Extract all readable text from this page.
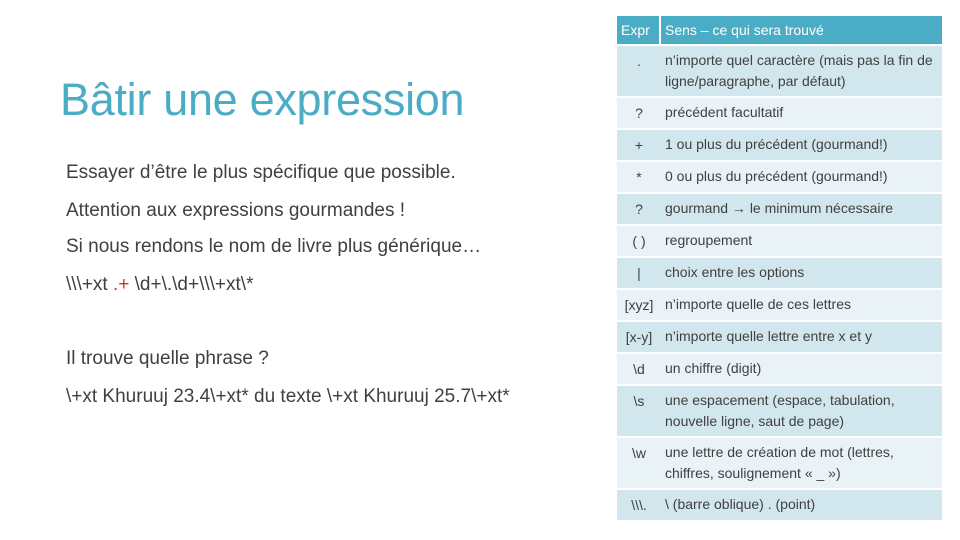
Bâtir une expression
Essayer d’être le plus spécifique que possible.
Attention aux expressions gourmandes !
Si nous rendons le nom de livre plus générique…
\\\+xt .+ \d+\.\d+\\\+xt\*
Il trouve quelle phrase ?
\+xt Khuruuj 23.4\+xt* du texte \+xt Khuruuj 25.7\+xt*
Expr	Sens – ce qui sera trouvé
.	n’importe quel caractère (mais pas la fin de ligne/paragraphe, par défaut)
?	précédent facultatif
+	1 ou plus du précédent (gourmand!)
*	0 ou plus du précédent (gourmand!)
?	gourmand → le minimum nécessaire
( )	regroupement
|	choix entre les options
[xyz]	n’importe quelle de ces lettres
[x-y]	n’importe quelle lettre entre x et y
\d	un chiffre (digit)
\s	une espacement (espace, tabulation, nouvelle ligne, saut de page)
\w	une lettre de création de mot (lettres, chiffres, soulignement « _ »)
\\\.	\ (barre oblique) . (point)
